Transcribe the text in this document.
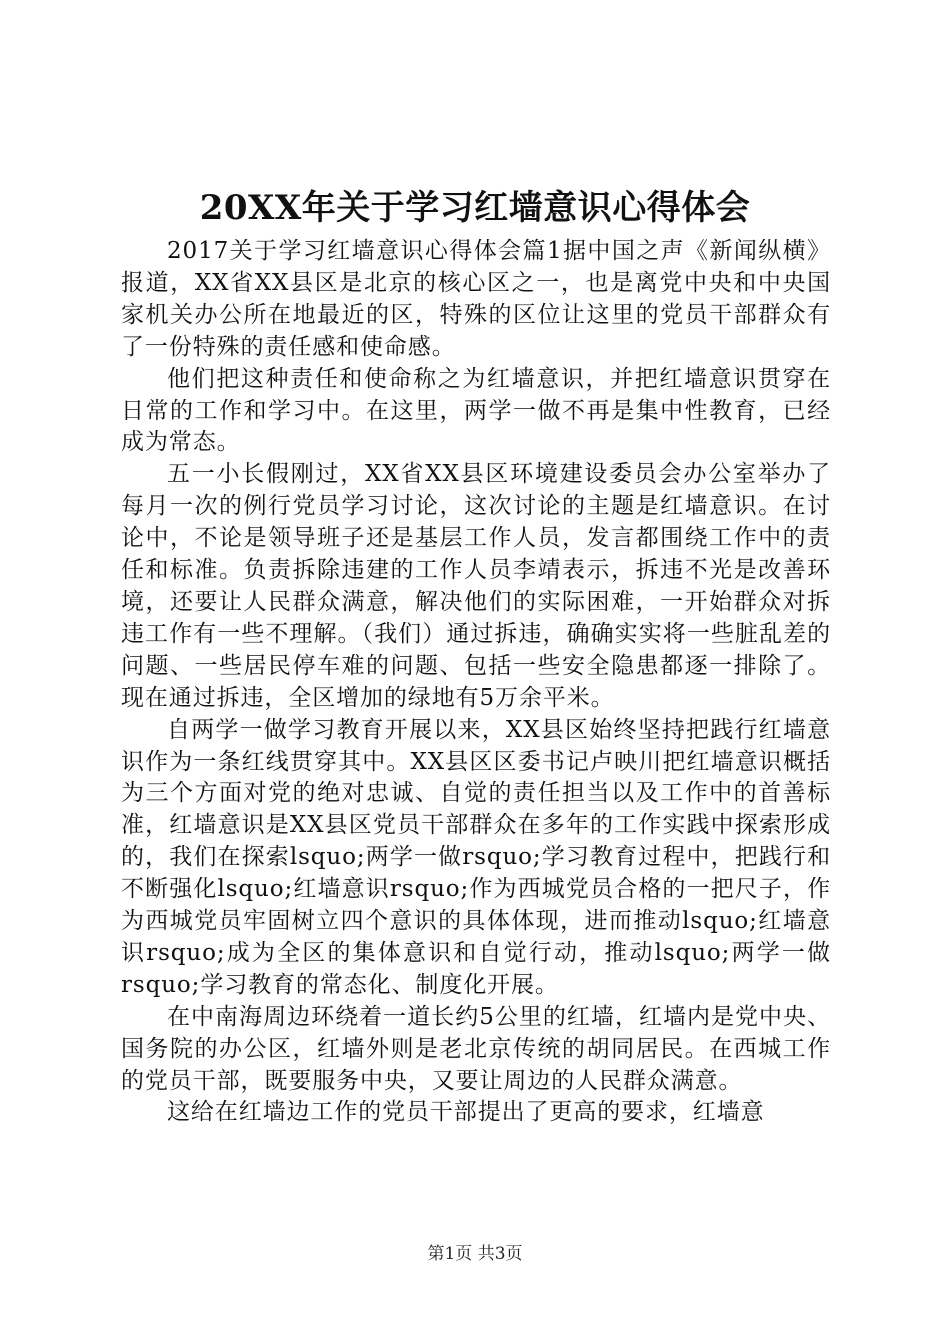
20XX年关于学习红墙意识心得体会

2017关于学习红墙意识心得体会篇1据中国之声《新闻纵横》报道，XX省XX县区是北京的核心区之一，也是离党中央和中央国家机关办公所在地最近的区，特殊的区位让这里的党员干部群众有了一份特殊的责任感和使命感。

他们把这种责任和使命称之为红墙意识，并把红墙意识贯穿在日常的工作和学习中。在这里，两学一做不再是集中性教育，已经成为常态。

五一小长假刚过，XX省XX县区环境建设委员会办公室举办了每月一次的例行党员学习讨论，这次讨论的主题是红墙意识。在讨论中，不论是领导班子还是基层工作人员，发言都围绕工作中的责任和标准。负责拆除违建的工作人员李靖表示，拆违不光是改善环境，还要让人民群众满意，解决他们的实际困难，一开始群众对拆违工作有一些不理解。（我们）通过拆违，确确实实将一些脏乱差的问题、一些居民停车难的问题、包括一些安全隐患都逐一排除了。现在通过拆违，全区增加的绿地有5万余平米。

自两学一做学习教育开展以来，XX县区始终坚持把践行红墙意识作为一条红线贯穿其中。XX县区区委书记卢映川把红墙意识概括为三个方面对党的绝对忠诚、自觉的责任担当以及工作中的首善标准，红墙意识是XX县区党员干部群众在多年的工作实践中探索形成的，我们在探索lsquo;两学一做rsquo;学习教育过程中，把践行和不断强化lsquo;红墙意识rsquo;作为西城党员合格的一把尺子，作为西城党员牢固树立四个意识的具体体现，进而推动lsquo;红墙意识rsquo;成为全区的集体意识和自觉行动，推动lsquo;两学一做rsquo;学习教育的常态化、制度化开展。

在中南海周边环绕着一道长约5公里的红墙，红墙内是党中央、国务院的办公区，红墙外则是老北京传统的胡同居民。在西城工作的党员干部，既要服务中央，又要让周边的人民群众满意。

这给在红墙边工作的党员干部提出了更高的要求，红墙意

第1页 共3页
